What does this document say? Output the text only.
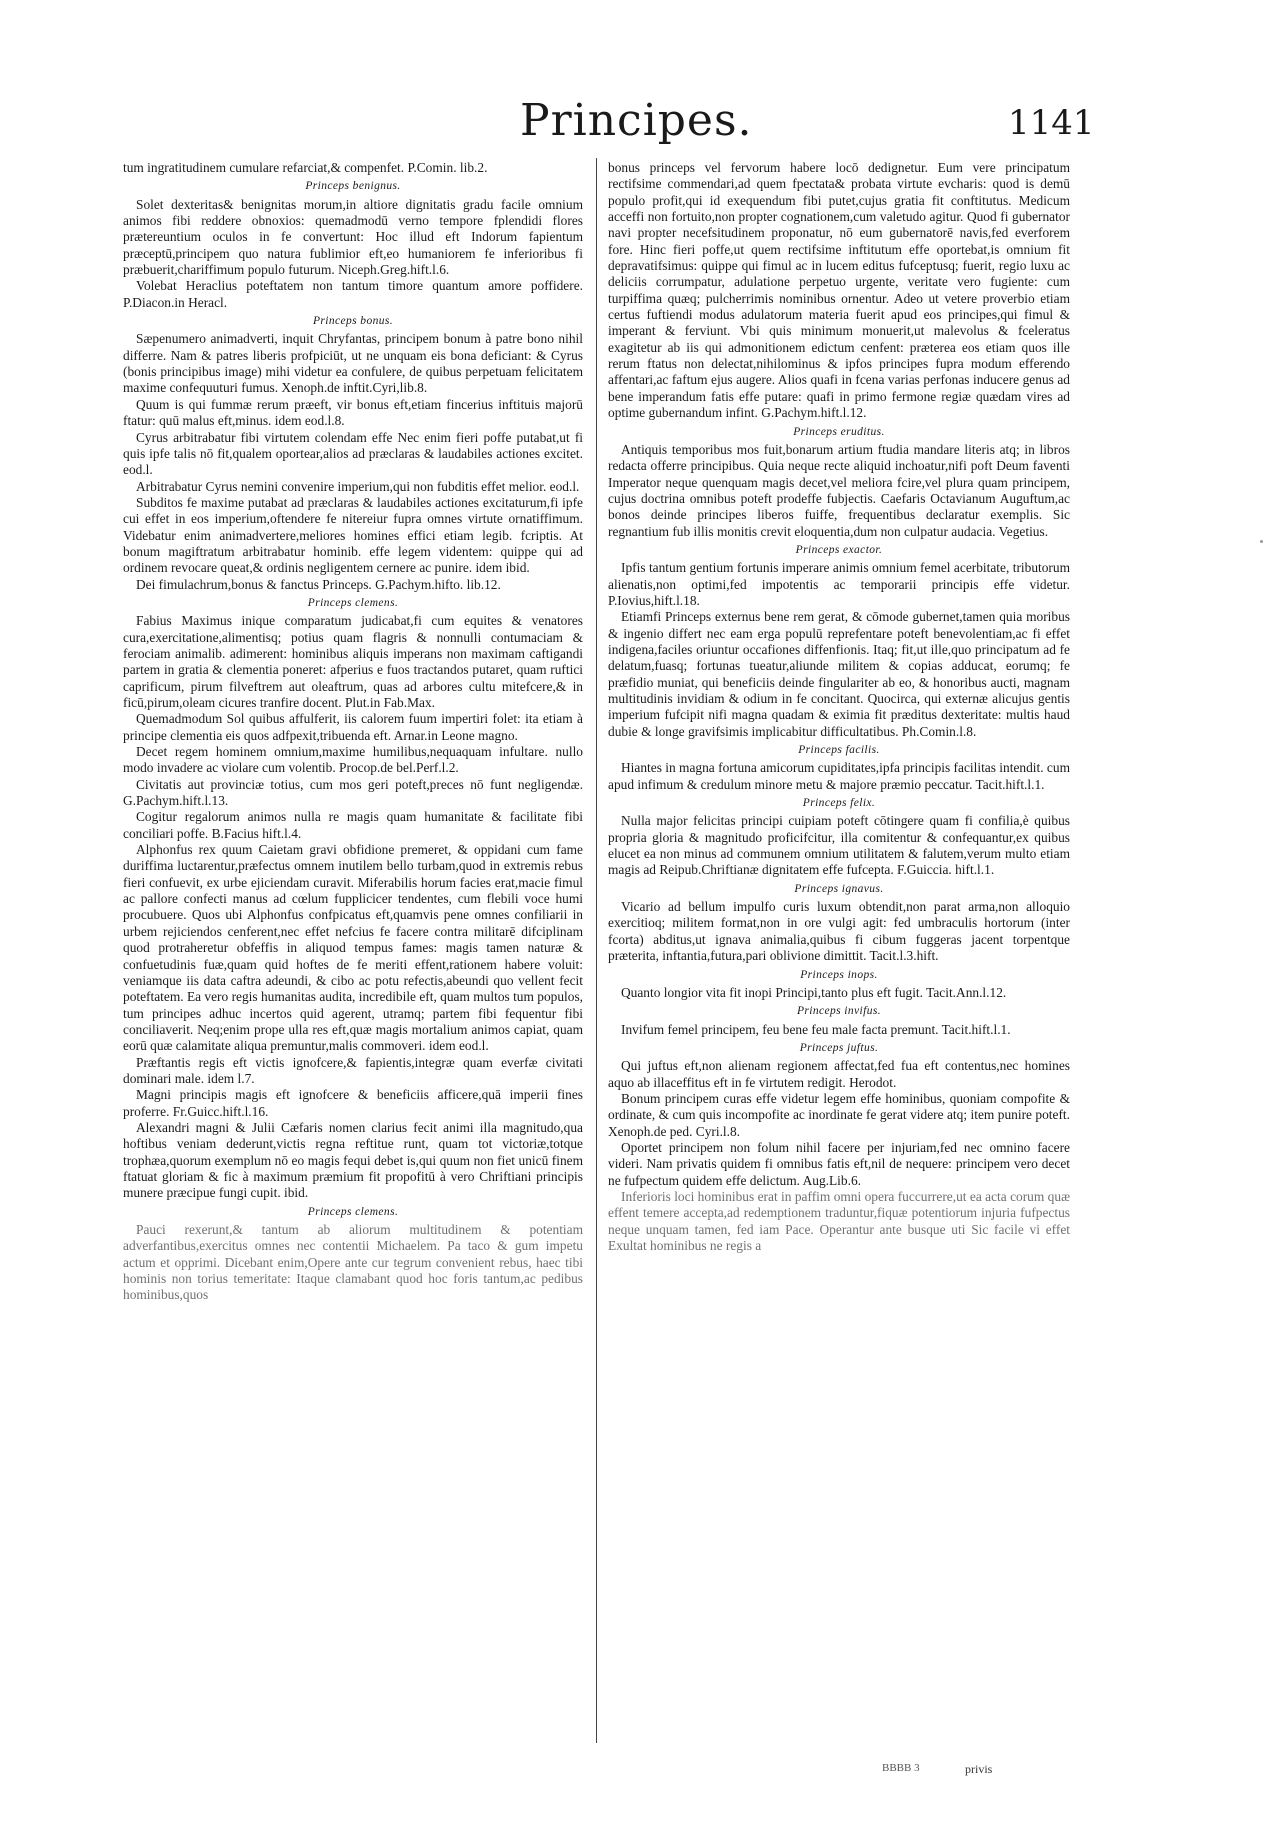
Principes.	1141
tum ingratitudinem cumulare refarciat,& compenfet. P.Comin. lib.2.
Princeps benignus.
Solet dexteritas& benignitas morum,in altiore dignitatis gradu facile omnium animos fibi reddere obnoxios: quemadmodū verno tempore fplendidi flores prætereuntium oculos in fe convertunt: Hoc illud eft Indorum fapientum præceptū,principem quo natura fublimior eft,eo humaniorem fe inferioribus fi præbuerit,chariffimum populo futurum. Niceph.Greg.hift.l.6.
Volebat Heraclius poteftatem non tantum timore quantum amore poffidere. P.Diacon.in Heracl.
Princeps bonus.
Sæpenumero animadverti, inquit Chryfantas, principem bonum à patre bono nihil differre. Nam & patres liberis profpiciūt, ut ne unquam eis bona deficiant: & Cyrus (bonis principibus image) mihi videtur ea confulere, de quibus perpetuam felicitatem maxime confequuturi fumus. Xenoph.de inftit.Cyri,lib.8.
Quum is qui fummæ rerum præeft, vir bonus eft,etiam fincerius inftituis majorū ftatur: quū malus eft,minus. idem eod.l.8.
Cyrus arbitrabatur fibi virtutem colendam effe Nec enim fieri poffe putabat,ut fi quis ipfe talis nō fit,qualem oportear,alios ad præclaras & laudabiles actiones excitet. eod.l.
Arbitrabatur Cyrus nemini convenire imperium,qui non fubditis effet melior. eod.l.
Subditos fe maxime putabat ad præclaras & laudabiles actiones excitaturum,fi ipfe cui effet in eos imperium,oftendere fe nitereiur fupra omnes virtute ornatiffimum. Videbatur enim animadvertere,meliores homines effici etiam legib. fcriptis. At bonum magiftratum arbitrabatur hominib. effe legem videntem: quippe qui ad ordinem revocare queat,& ordinis negligentem cernere ac punire. idem ibid.
Dei fimulachrum,bonus & fanctus Princeps. G.Pachym.hifto. lib.12.
Princeps clemens.
Fabius Maximus inique comparatum judicabat,fi cum equites & venatores cura,exercitatione,alimentisq; potius quam flagris & nonnulli contumaciam & ferociam animalib. adimerent: hominibus aliquis imperans non maximam caftigandi partem in gratia & clementia poneret: afperius e fuos tractandos putaret, quam ruftici caprificum, pirum filveftrem aut oleaftrum, quas ad arbores cultu mitefcere,& in ficū,pirum,oleam cicures tranfire docent. Plut.in Fab.Max.
Quemadmodum Sol quibus affulferit, iis calorem fuum impertiri folet: ita etiam à principe clementia eis quos adfpexit,tribuenda eft. Arnar.in Leone magno.
Decet regem hominem omnium,maxime humilibus,nequaquam infultare. nullo modo invadere ac violare cum volentib. Procop.de bel.Perf.l.2.
Civitatis aut provinciæ totius, cum mos geri poteft,preces nō funt negligendæ. G.Pachym.hift.l.13.
Cogitur regalorum animos nulla re magis quam humanitate & facilitate fibi conciliari poffe. B.Facius hift.l.4.
Alphonfus rex quum Caietam gravi obfidione premeret, & oppidani cum fame duriffima luctarentur,præfectus omnem inutilem bello turbam,quod in extremis rebus fieri confuevit, ex urbe ejiciendam curavit. Miferabilis horum facies erat,macie fimul ac pallore confecti manus ad cœlum fupplicicer tendentes, cum flebili voce humi procubuere. Quos ubi Alphonfus confpicatus eft,quamvis pene omnes confiliarii in urbem rejiciendos cenferent,nec effet nefcius fe facere contra militarē difciplinam quod protraheretur obfeffis in aliquod tempus fames: magis tamen naturæ & confuetudinis fuæ,quam quid hoftes de fe meriti effent,rationem habere voluit: veniamque iis data caftra adeundi, & cibo ac potu refectis,abeundi quo vellent fecit poteftatem. Ea vero regis humanitas audita, incredibile eft, quam multos tum populos, tum principes adhuc incertos quid agerent, utramq; partem fibi fequentur fibi conciliaverit. Neq;enim prope ulla res eft,quæ magis mortalium animos capiat, quam eorū quæ calamitate aliqua premuntur,malis commoveri. idem eod.l.
Præftantis regis eft victis ignofcere,& fapientis,integræ quam everfæ civitati dominari male. idem l.7.
Magni principis magis eft ignofcere & beneficiis afficere,quā imperii fines proferre. Fr.Guicc.hift.l.16.
Alexandri magni & Julii Cæfaris nomen clarius fecit animi illa magnitudo,qua hoftibus veniam dederunt,victis regna reftitue runt, quam tot victoriæ,totque trophæa,quorum exemplum nō eo magis fequi debet is,qui quum non fiet unicū finem ftatuat gloriam & fic à maximum præmium fit propofitū à vero Chriftiani principis munere præcipue fungi cupit. ibid.
Princeps clemens.
Pauci rexerunt,& tantum ab aliorum multitudinem & potentiam adverfantibus,exercitus omnes nec contentii Michaelem. Pa taco & gum impetu actum et opprimi. Dicebant enim,Opere ante cur tegrum convenient rebus, haec tibi hominis non torius temeritate: Itaque clamabant quod hoc foris tantum,ac pedibus hominibus,quos
bonus princeps vel fervorum habere locō dedignetur. Eum vere principatum rectifsime commendari,ad quem fpectata& probata virtute evcharis: quod is demū populo profit,qui id exequendum fibi putet,cujus gratia fit conftitutus. Medicum acceffi non fortuito,non propter cognationem,cum valetudo agitur. Quod fi gubernator navi propter necefsitudinem proponatur, nō eum gubernatorē navis,fed everforem fore. Hinc fieri poffe,ut quem rectifsime inftitutum effe oportebat,is omnium fit depravatifsimus: quippe qui fimul ac in lucem editus fufceptusq; fuerit, regio luxu ac deliciis corrumpatur, adulatione perpetuo urgente, veritate vero fugiente: cum turpiffima quæq; pulcherrimis nominibus ornentur. Adeo ut vetere proverbio etiam certus fuftiendi modus adulatorum materia fuerit apud eos principes,qui fimul & imperant & ferviunt. Vbi quis minimum monuerit,ut malevolus & fceleratus exagitetur ab iis qui admonitionem edictum cenfent: præterea eos etiam quos ille rerum ftatus non delectat,nihilominus & ipfos principes fupra modum efferendo affentari,ac faftum ejus augere. Alios quafi in fcena varias perfonas inducere genus ad bene imperandum fatis effe putare: quafi in primo fermone regiæ quædam vires ad optime gubernandum infint. G.Pachym.hift.l.12.
Princeps eruditus.
Antiquis temporibus mos fuit,bonarum artium ftudia mandare literis atq; in libros redacta offerre principibus. Quia neque recte aliquid inchoatur,nifi poft Deum faventi Imperator neque quenquam magis decet,vel meliora fcire,vel plura quam principem, cujus doctrina omnibus poteft prodeffe fubjectis. Caefaris Octavianum Auguftum,ac bonos deinde principes liberos fuiffe, frequentibus declaratur exemplis. Sic regnantium fub illis monitis crevit eloquentia,dum non culpatur audacia. Vegetius.
Princeps exactor.
Ipfis tantum gentium fortunis imperare animis omnium femel acerbitate, tributorum alienatis,non optimi,fed impotentis ac temporarii principis effe videtur. P.Iovius,hift.l.18.
Etiamfi Princeps externus bene rem gerat, & cōmode gubernet,tamen quia moribus & ingenio differt nec eam erga populū reprefentare poteft benevolentiam,ac fi effet indigena,faciles oriuntur occafiones diffenfionis. Itaq; fit,ut ille,quo principatum ad fe delatum,fuasq; fortunas tueatur,aliunde militem & copias adducat, eorumq; fe præfidio muniat, qui beneficiis deinde fingulariter ab eo, & honoribus aucti, magnam multitudinis invidiam & odium in fe concitant. Quocirca, qui externæ alicujus gentis imperium fufcipit nifi magna quadam & eximia fit præditus dexteritate: multis haud dubie & longe gravifsimis implicabitur difficultatibus. Ph.Comin.l.8.
Princeps facilis.
Hiantes in magna fortuna amicorum cupiditates,ipfa principis facilitas intendit. cum apud infimum & credulum minore metu & majore præmio peccatur. Tacit.hift.l.1.
Princeps felix.
Nulla major felicitas principi cuipiam poteft cōtingere quam fi confilia,è quibus propria gloria & magnitudo proficifcitur, illa comitentur & confequantur,ex quibus elucet ea non minus ad communem omnium utilitatem & falutem,verum multo etiam magis ad Reipub.Chriftianæ dignitatem effe fufcepta. F.Guiccia. hift.l.1.
Princeps ignavus.
Vicario ad bellum impulfo curis luxum obtendit,non parat arma,non alloquio exercitioq; militem format,non in ore vulgi agit: fed umbraculis hortorum (inter fcorta) abditus,ut ignava animalia,quibus fi cibum fuggeras jacent torpentque præterita, inftantia,futura,pari oblivione dimittit. Tacit.l.3.hift.
Princeps inops.
Quanto longior vita fit inopi Principi,tanto plus eft fugit. Tacit.Ann.l.12.
Princeps invifus.
Invifum femel principem, feu bene feu male facta premunt. Tacit.hift.l.1.
Princeps juftus.
Qui juftus eft,non alienam regionem affectat,fed fua eft contentus,nec homines aquo ab illaceffitus eft in fe virtutem redigit. Herodot.
Bonum principem curas effe videtur legem effe hominibus, quoniam compofite & ordinate, & cum quis incompofite ac inordinate fe gerat videre atq; item punire poteft. Xenoph.de ped. Cyri.l.8.
Oportet principem non folum nihil facere per injuriam,fed nec omnino facere videri. Nam privatis quidem fi omnibus fatis eft,nil de nequere: principem vero decet ne fufpectum quidem effe delictum. Aug.Lib.6.
Inferioris loci hominibus erat in paffim omni opera fuccurrere,ut ea acta corum quæ effent temere accepta,ad redemptionem traduntur,fiquæ potentiorum injuria fufpectus neque unquam tamen, fed iam Pace. Operantur ante busque uti Sic facile vi effet Exultat hominibus ne regis a
BBBB 3	privis
